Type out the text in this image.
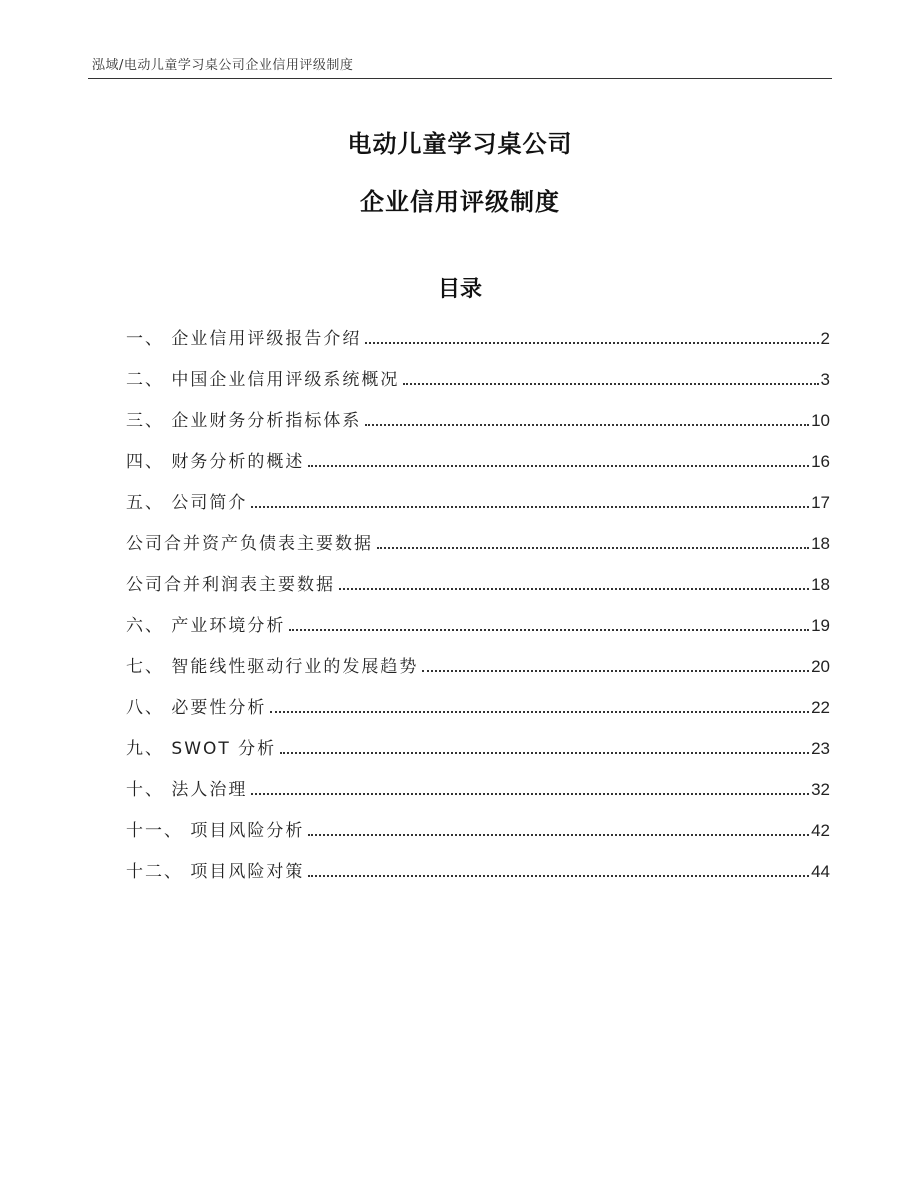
泓域/电动儿童学习桌公司企业信用评级制度
电动儿童学习桌公司
企业信用评级制度
目录
一、 企业信用评级报告介绍	2
二、 中国企业信用评级系统概况	3
三、 企业财务分析指标体系	10
四、 财务分析的概述	16
五、 公司简介	17
公司合并资产负债表主要数据	18
公司合并利润表主要数据	18
六、 产业环境分析	19
七、 智能线性驱动行业的发展趋势	20
八、 必要性分析	22
九、 SWOT 分析	23
十、 法人治理	32
十一、 项目风险分析	42
十二、 项目风险对策	44
